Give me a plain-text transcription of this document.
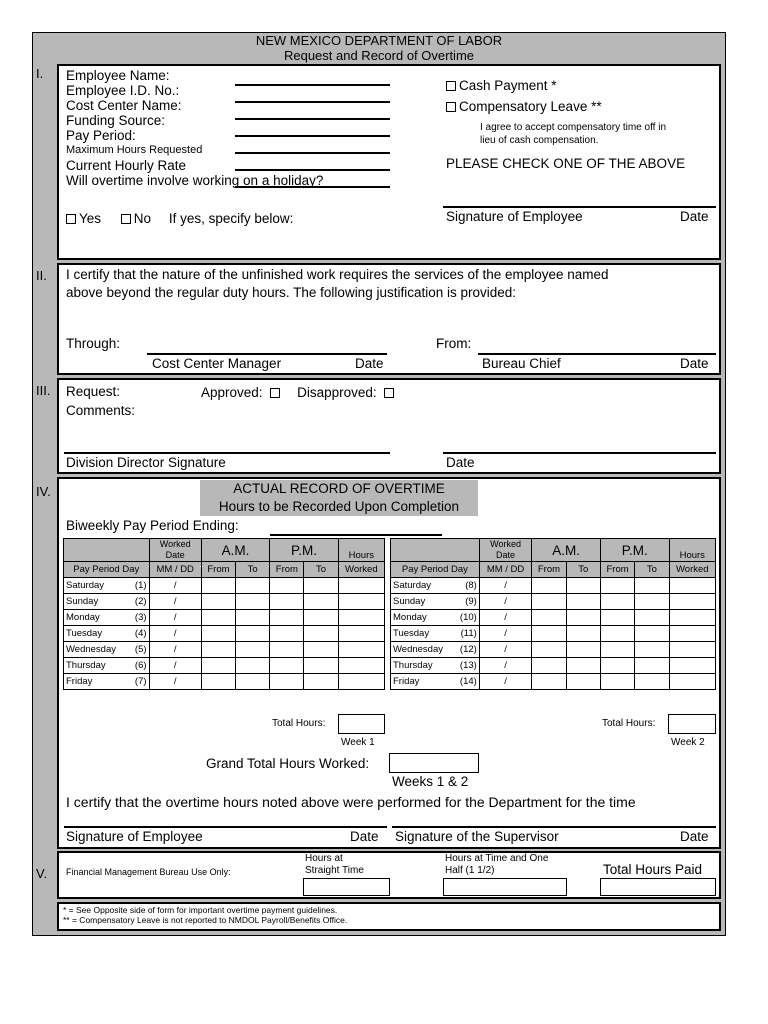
NEW MEXICO DEPARTMENT OF LABOR
Request and Record of Overtime
I. Employee Name:
Employee I.D. No.:
Cost Center Name:
Funding Source:
Pay Period:
Maximum Hours Requested
Current Hourly Rate
Will overtime involve working on a holiday?
Yes No If yes, specify below:
Cash Payment *
Compensatory Leave **
I agree to accept compensatory time off in
lieu of cash compensation.
PLEASE CHECK ONE OF THE ABOVE
Signature of Employee	Date
II. I certify that the nature of the unfinished work requires the services of the employee named
above beyond the regular duty hours. The following justification is provided:
Through:	From:
Cost Center Manager	Date	Bureau Chief	Date
III. Request:
Comments:
Approved:	Disapproved:
Division Director Signature	Date
IV.	ACTUAL RECORD OF OVERTIME
Hours to be Recorded Upon Completion
Biweekly Pay Period Ending:

	Worked
Date	A.M.		P.M.		Hours
Pay Period Day	MM / DD	From	To	From	To	Worked

Saturday (1)	/					

Sunday (2)	/					

Monday (3)	/					

Tuesday (4)	/					

Wednesday (5)	/					

Thursday (6)	/					

Friday (7)	/					

	Worked
Date	A.M.		P.M.		Hours
Pay Period Day	MM / DD	From	To	From	To	Worked

Saturday (8)	/					

Sunday (9)	/					

Monday (10)	/					

Tuesday (11)	/					

Wednesday (12)	/					

Thursday (13)	/					

Friday (14)	/					
Total Hours:
Week 1
Total Hours:
Week 2
Grand Total Hours Worked:
Weeks 1 & 2
I certify that the overtime hours noted above were performed for the Department for the time
Signature of Employee	Date Signature of the Supervisor	Date
V. Financial Management Bureau Use Only:
Hours at
Straight Time
Hours at Time and One
Half (1 1/2)	Total Hours Paid
* = See Opposite side of form for important overtime payment guidelines.
** = Compensatory Leave is not reported to NMDOL Payroll/Benefits Office.
